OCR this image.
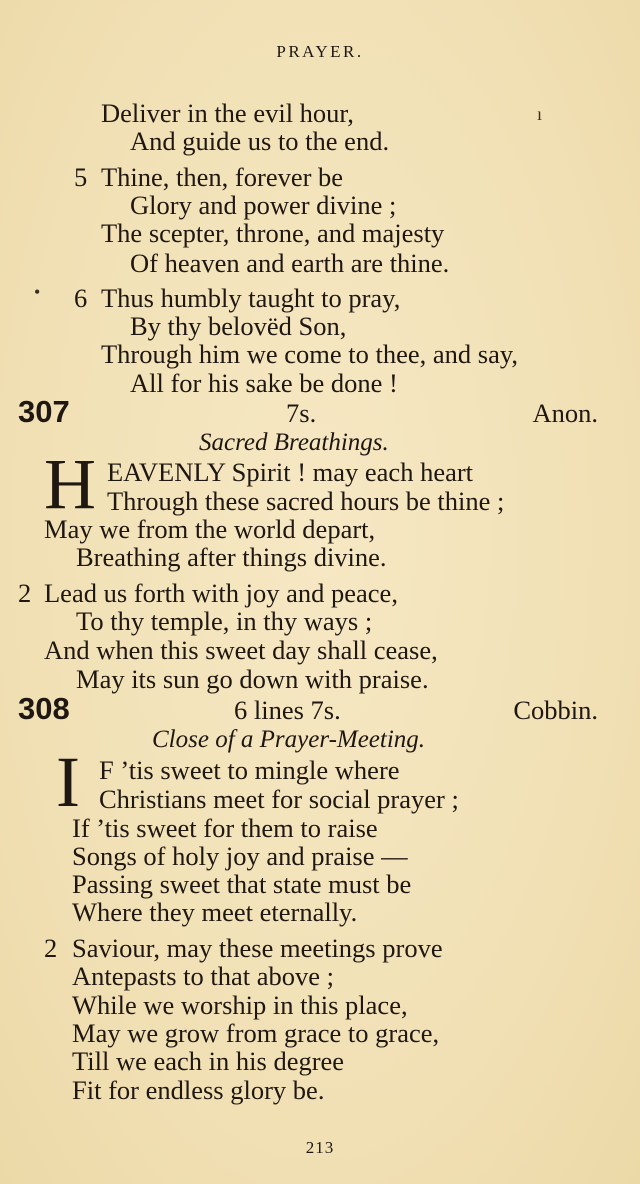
PRAYER.
Deliver in the evil hour,
And guide us to the end.
ı
5 Thine, then, forever be
Glory and power divine ;
The scepter, throne, and majesty
Of heaven and earth are thine.
• 6 Thus humbly taught to pray,
By thy belovëd Son,
Through him we come to thee, and say,
All for his sake be done !
307	7s.	Anon.
Sacred Breathings.
H EAVENLY Spirit ! may each heart
Through these sacred hours be thine ;
May we from the world depart,
Breathing after things divine.
2 Lead us forth with joy and peace,
To thy temple, in thy ways ;
And when this sweet day shall cease,
May its sun go down with praise.
308	6 lines 7s.	Cobbin.
Close of a Prayer-Meeting.
I F ’tis sweet to mingle where
Christians meet for social prayer ;
If ’tis sweet for them to raise
Songs of holy joy and praise —
Passing sweet that state must be
Where they meet eternally.
2 Saviour, may these meetings prove
Antepasts to that above ;
While we worship in this place,
May we grow from grace to grace,
Till we each in his degree
Fit for endless glory be.
213
